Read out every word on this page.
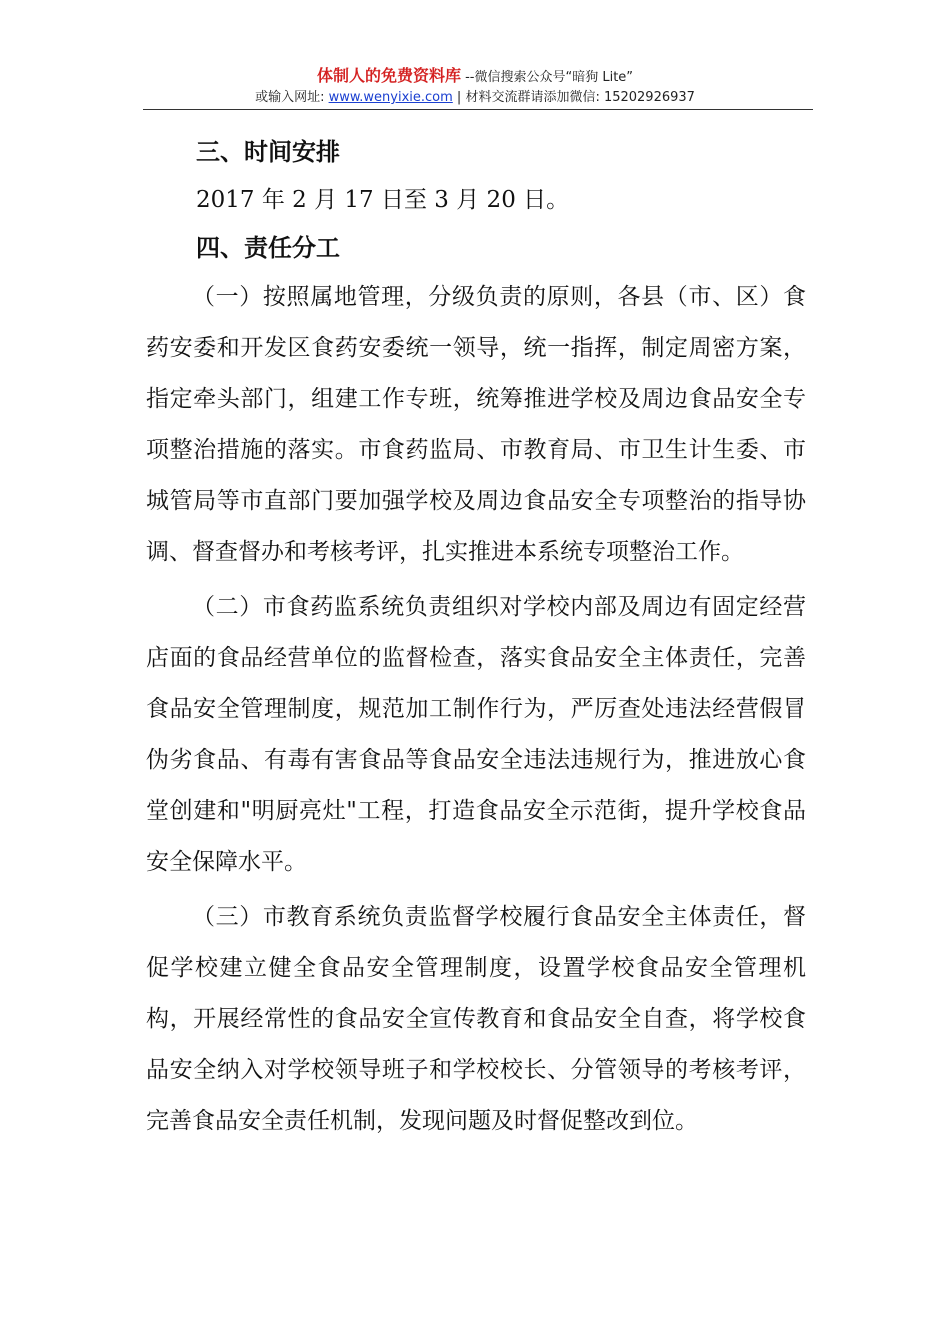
体制人的免费资料库 --微信搜索公众号“暗狗 Lite”
或输入网址: www.wenyixie.com | 材料交流群请添加微信: 15202926937

三、时间安排

2017 年 2 月 17 日至 3 月 20 日。

四、责任分工

（一）按照属地管理，分级负责的原则，各县（市、区）食药安委和开发区食药安委统一领导，统一指挥，制定周密方案，指定牵头部门，组建工作专班，统筹推进学校及周边食品安全专项整治措施的落实。市食药监局、市教育局、市卫生计生委、市城管局等市直部门要加强学校及周边食品安全专项整治的指导协调、督查督办和考核考评，扎实推进本系统专项整治工作。

（二）市食药监系统负责组织对学校内部及周边有固定经营店面的食品经营单位的监督检查，落实食品安全主体责任，完善食品安全管理制度，规范加工制作行为，严厉查处违法经营假冒伪劣食品、有毒有害食品等食品安全违法违规行为，推进放心食堂创建和"明厨亮灶"工程，打造食品安全示范街，提升学校食品安全保障水平。

（三）市教育系统负责监督学校履行食品安全主体责任，督促学校建立健全食品安全管理制度，设置学校食品安全管理机构，开展经常性的食品安全宣传教育和食品安全自查，将学校食品安全纳入对学校领导班子和学校校长、分管领导的考核考评，完善食品安全责任机制，发现问题及时督促整改到位。
